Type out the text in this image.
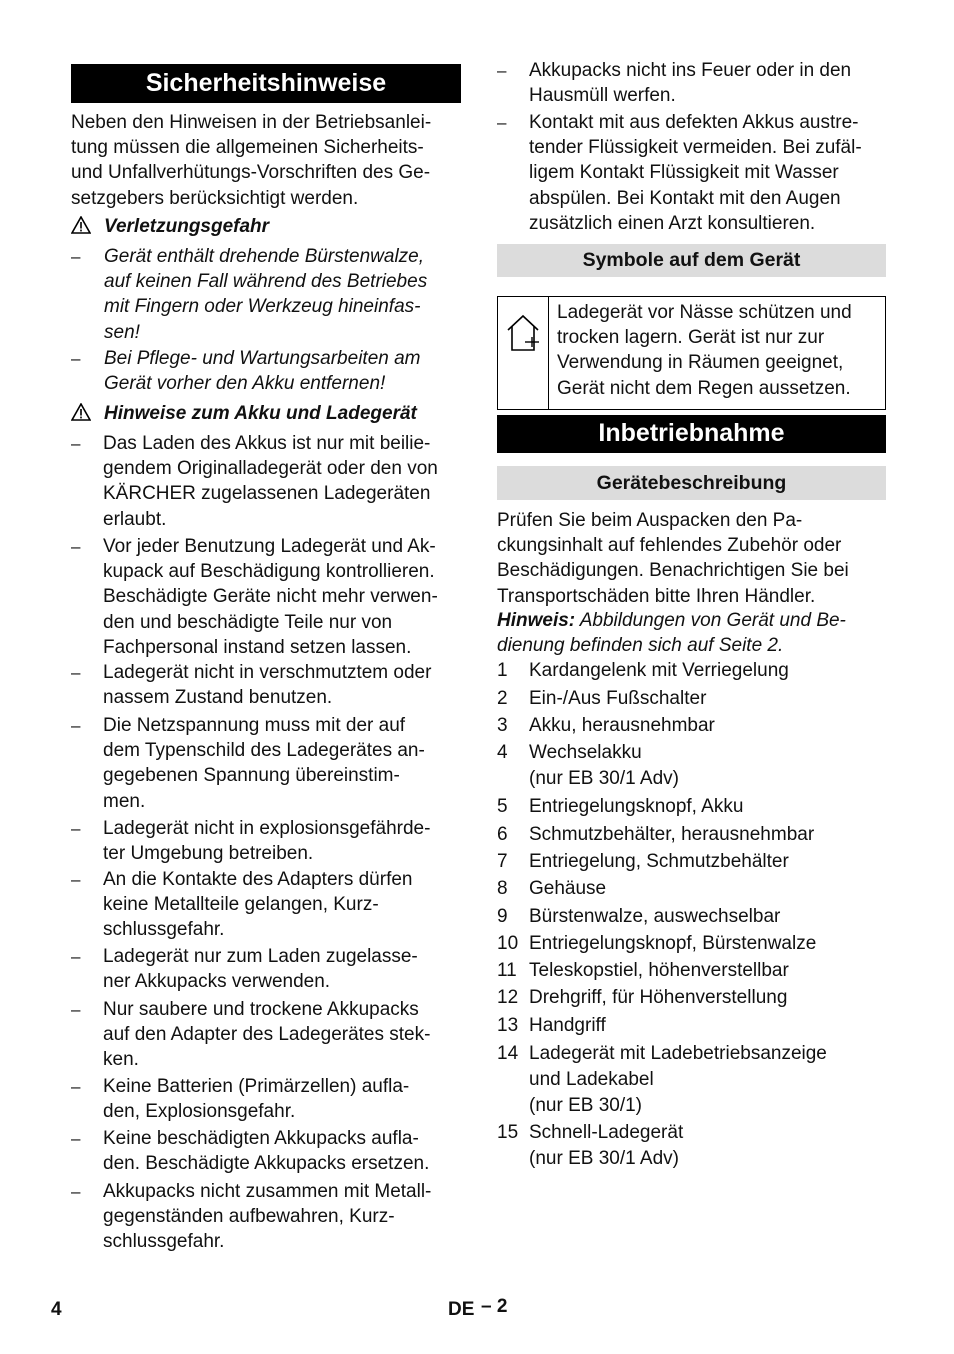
Sicherheitshinweise

Neben den Hinweisen in der Betriebsanlei-
tung müssen die allgemeinen Sicherheits-
und Unfallverhütungs-Vorschriften des Ge-
setzgebers berücksichtigt werden.

Verletzungsgefahr
– Gerät enthält drehende Bürstenwalze,
auf keinen Fall während des Betriebes
mit Fingern oder Werkzeug hineinfas-
sen!

– Bei Pflege- und Wartungsarbeiten am
Gerät vorher den Akku entfernen!

Hinweise zum Akku und Ladegerät
– Das Laden des Akkus ist nur mit beilie-
gendem Originalladegerät oder den von
KÄRCHER zugelassenen Ladegeräten
erlaubt.

– Vor jeder Benutzung Ladegerät und Ak-
kupack auf Beschädigung kontrollieren.
Beschädigte Geräte nicht mehr verwen-
den und beschädigte Teile nur von
Fachpersonal instand setzen lassen.

– Ladegerät nicht in verschmutztem oder
nassem Zustand benutzen.

– Die Netzspannung muss mit der auf
dem Typenschild des Ladegerätes an-
gegebenen Spannung übereinstim-
men.

– Ladegerät nicht in explosionsgefährde-
ter Umgebung betreiben.

– An die Kontakte des Adapters dürfen
keine Metallteile gelangen, Kurz-
schlussgefahr.

– Ladegerät nur zum Laden zugelasse-
ner Akkupacks verwenden.

– Nur saubere und trockene Akkupacks
auf den Adapter des Ladegerätes stek-
ken.

– Keine Batterien (Primärzellen) aufla-
den, Explosionsgefahr.

– Keine beschädigten Akkupacks aufla-
den. Beschädigte Akkupacks ersetzen.

– Akkupacks nicht zusammen mit Metall-
gegenständen aufbewahren, Kurz-
schlussgefahr.

– Akkupacks nicht ins Feuer oder in den
Hausmüll werfen.

– Kontakt mit aus defekten Akkus austre-
tender Flüssigkeit vermeiden. Bei zufäl-
ligem Kontakt Flüssigkeit mit Wasser
abspülen. Bei Kontakt mit den Augen
zusätzlich einen Arzt konsultieren.

Symbole auf dem Gerät

Ladegerät vor Nässe schützen und
trocken lagern. Gerät ist nur zur
Verwendung in Räumen geeignet,
Gerät nicht dem Regen aussetzen.

Inbetriebnahme
Gerätebeschreibung

Prüfen Sie beim Auspacken den Pa-
ckungsinhalt auf fehlendes Zubehör oder
Beschädigungen. Benachrichtigen Sie bei
Transportschäden bitte Ihren Händler.

Hinweis: Abbildungen von Gerät und Be-
dienung befinden sich auf Seite 2.

1 Kardangelenk mit Verriegelung
2 Ein-/Aus Fußschalter
3 Akku, herausnehmbar
4 Wechselakku
(nur EB 30/1 Adv)
5 Entriegelungsknopf, Akku
6 Schmutzbehälter, herausnehmbar
7 Entriegelung, Schmutzbehälter
8 Gehäuse
9 Bürstenwalze, auswechselbar
10 Entriegelungsknopf, Bürstenwalze
11 Teleskopstiel, höhenverstellbar
12 Drehgriff, für Höhenverstellung
13 Handgriff
14 Ladegerät mit Ladebetriebsanzeige
und Ladekabel
(nur EB 30/1)
15 Schnell-Ladegerät
(nur EB 30/1 Adv)
4	DE – 2
